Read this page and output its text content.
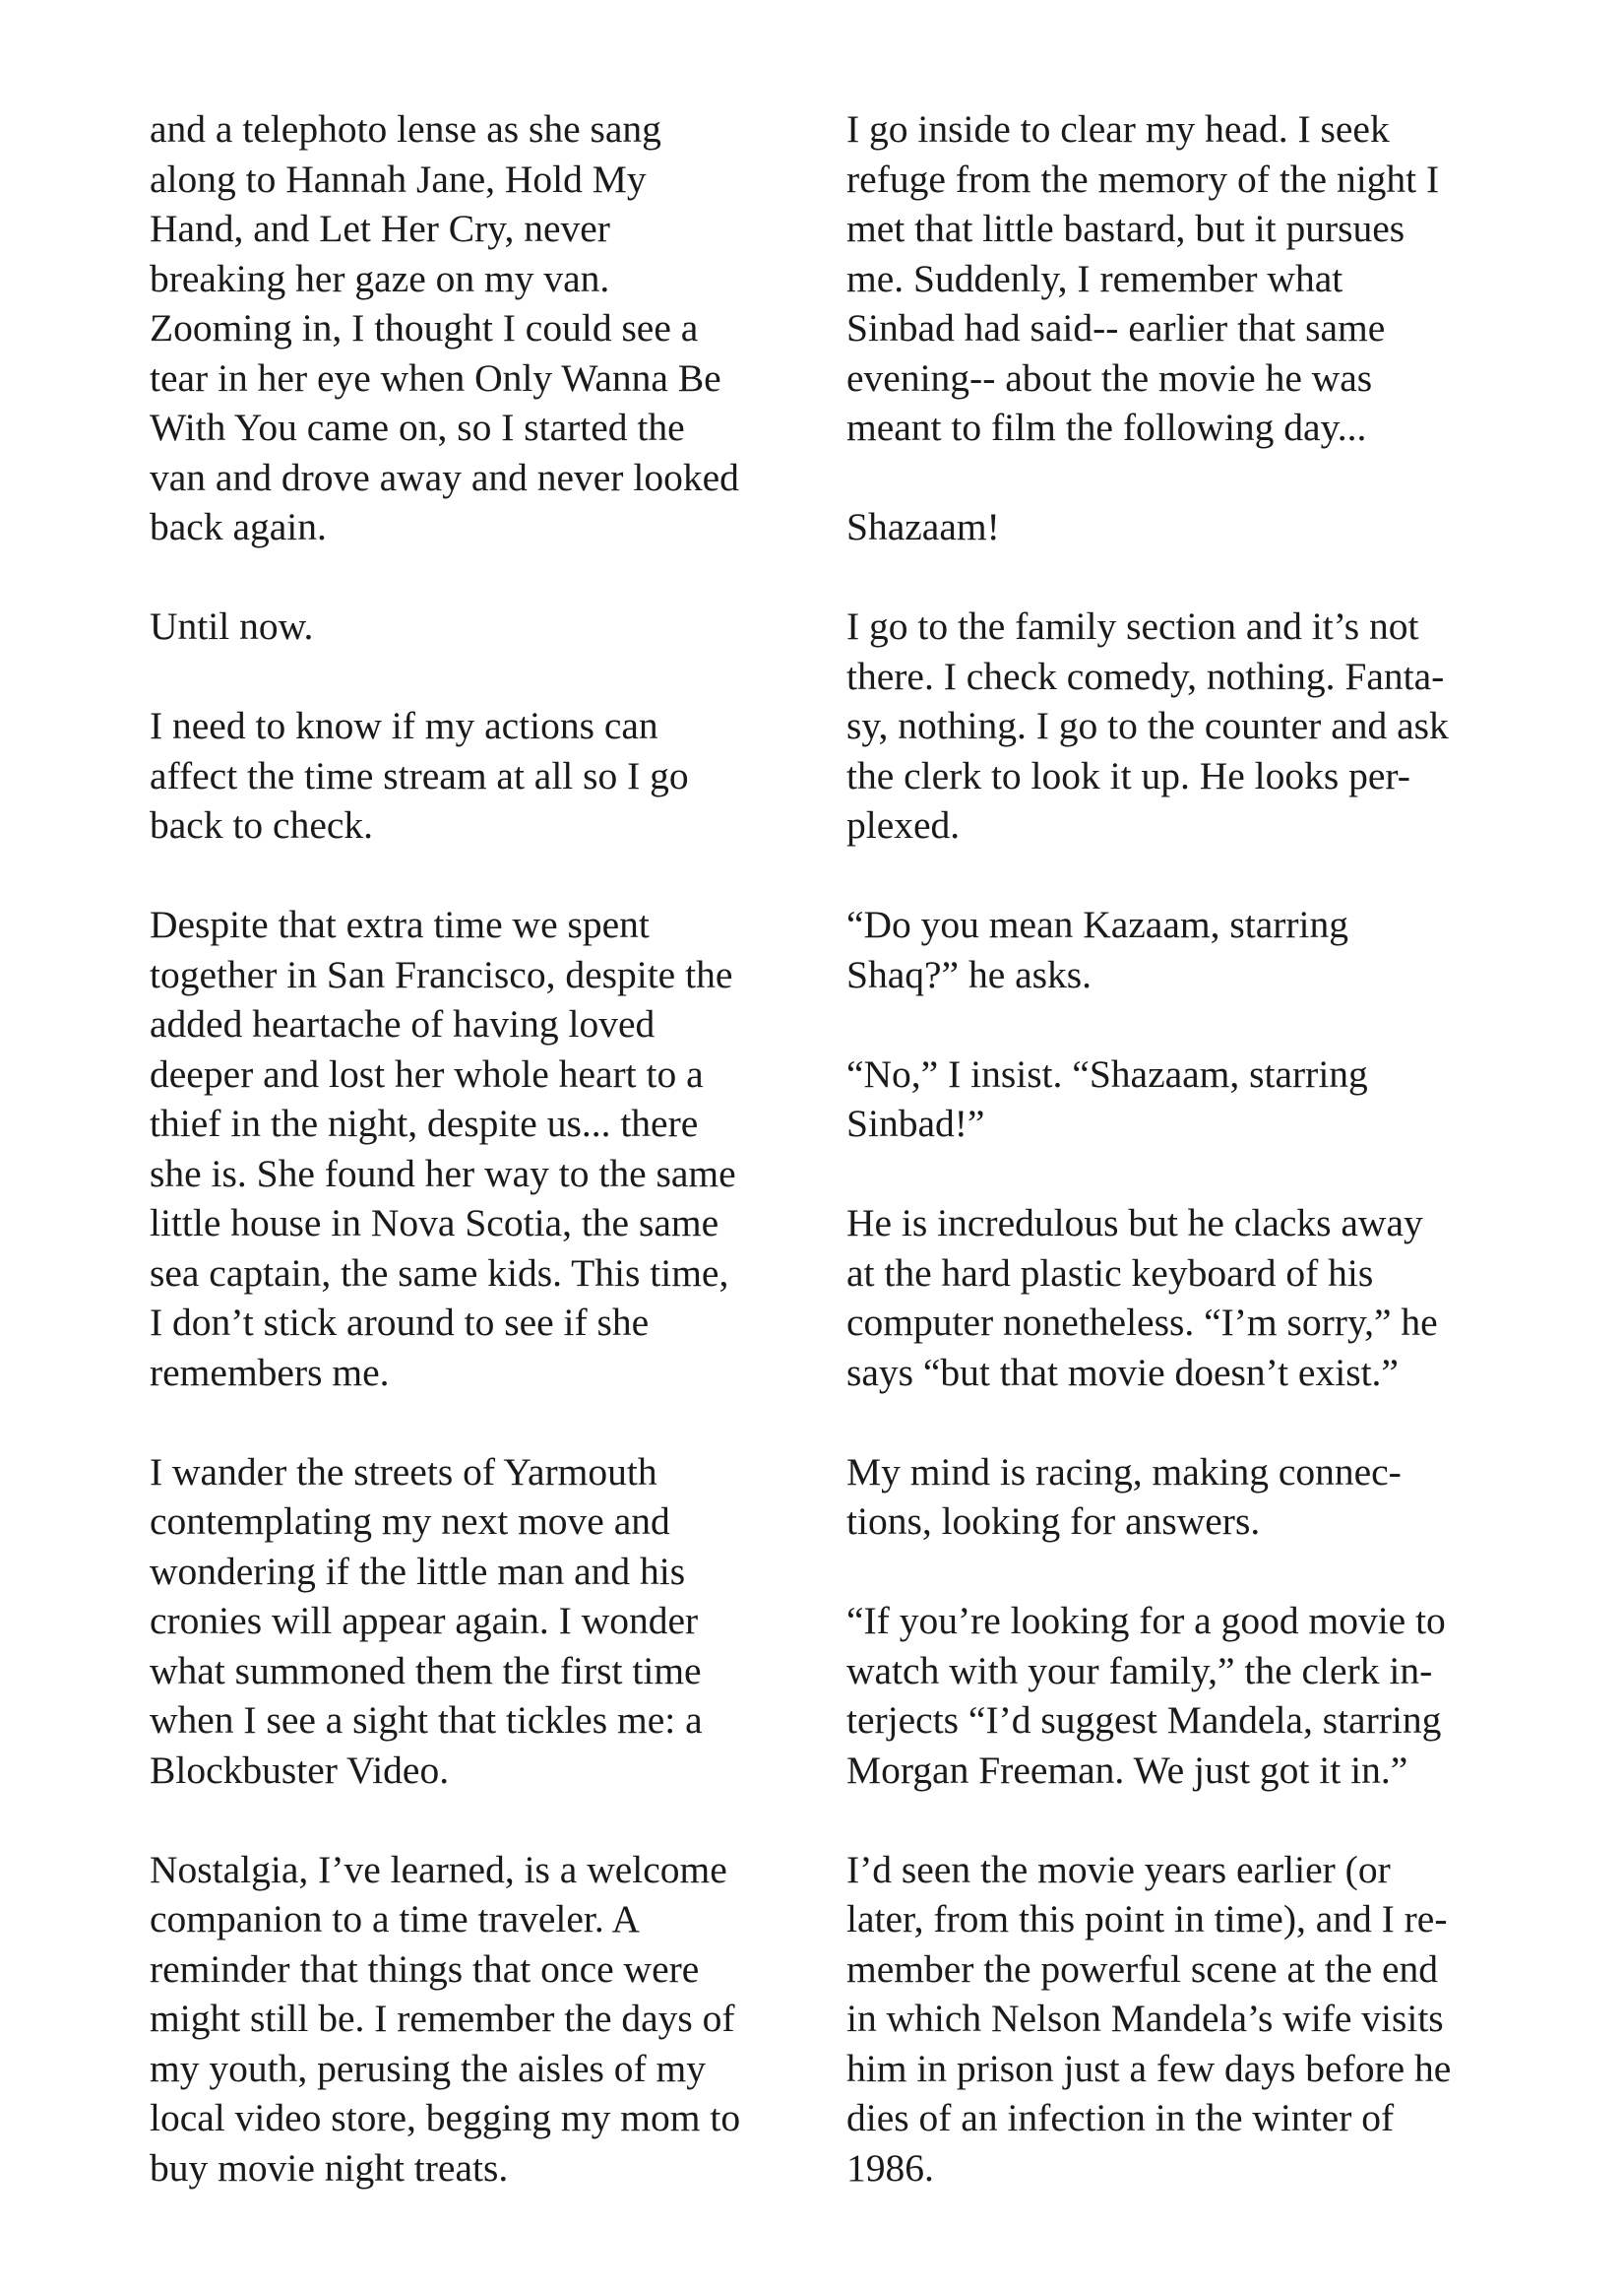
and a telephoto lense as she sang
along to Hannah Jane, Hold My
Hand, and Let Her Cry, never
breaking her gaze on my van.
Zooming in, I thought I could see a
tear in her eye when Only Wanna Be
With You came on, so I started the
van and drove away and never looked
back again.
Until now.
I need to know if my actions can
affect the time stream at all so I go
back to check.
Despite that extra time we spent
together in San Francisco, despite the
added heartache of having loved
deeper and lost her whole heart to a
thief in the night, despite us... there
she is. She found her way to the same
little house in Nova Scotia, the same
sea captain, the same kids. This time,
I don’t stick around to see if she
remembers me.
I wander the streets of Yarmouth
contemplating my next move and
wondering if the little man and his
cronies will appear again. I wonder
what summoned them the first time
when I see a sight that tickles me: a
Blockbuster Video.
Nostalgia, I’ve learned, is a welcome
companion to a time traveler. A
reminder that things that once were
might still be. I remember the days of
my youth, perusing the aisles of my
local video store, begging my mom to
buy movie night treats.
I go inside to clear my head. I seek
refuge from the memory of the night I
met that little bastard, but it pursues
me. Suddenly, I remember what
Sinbad had said-- earlier that same
evening-- about the movie he was
meant to film the following day...
Shazaam!
I go to the family section and it’s not
there. I check comedy, nothing. Fanta-
sy, nothing. I go to the counter and ask
the clerk to look it up. He looks per-
plexed.
“Do you mean Kazaam, starring
Shaq?” he asks.
“No,” I insist. “Shazaam, starring
Sinbad!”
He is incredulous but he clacks away
at the hard plastic keyboard of his
computer nonetheless. “I’m sorry,” he
says “but that movie doesn’t exist.”
My mind is racing, making connec-
tions, looking for answers.
“If you’re looking for a good movie to
watch with your family,” the clerk in-
terjects “I’d suggest Mandela, starring
Morgan Freeman. We just got it in.”
I’d seen the movie years earlier (or
later, from this point in time), and I re-
member the powerful scene at the end
in which Nelson Mandela’s wife visits
him in prison just a few days before he
dies of an infection in the winter of
1986.
